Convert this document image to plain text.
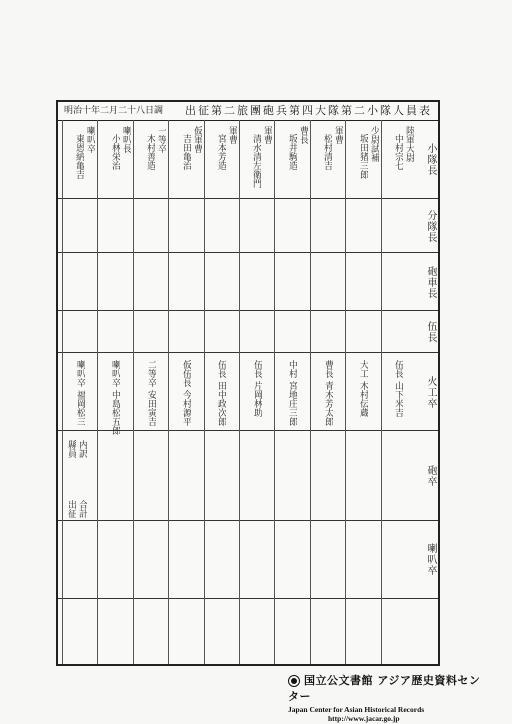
出征第二旅團砲兵第四大隊第二小隊人員表
明治十年二月二十八日調
小隊長
分隊長
砲車長
伍長
火工卒
砲卒
喇叭卒
陸軍大尉
中村宗七
伍長 山下米吉
少尉試補
坂田猪三郎
大工 木村伝蔵
軍曹
松村清吉
曹長 青木芳太郎
曹長
坂井駒造
中村 宮地庄三郎
軍曹
清水清左衛門
伍長 片岡林助
軍曹
宮本芳造
伍長 田中政次郎
仮軍曹
吉田亀治
仮伍長 今村源平
一等卒
木村善造
二等卒 安田寅吉
喇叭長
小林栄治
喇叭卒 中島松五郎
喇叭卒
東恩納亀吉
喇叭卒 福岡松三
縣員 内訳
出征 合計
国立公文書館 アジア歴史資料センター
Japan Center for Asian Historical Records
http://www.jacar.go.jp
